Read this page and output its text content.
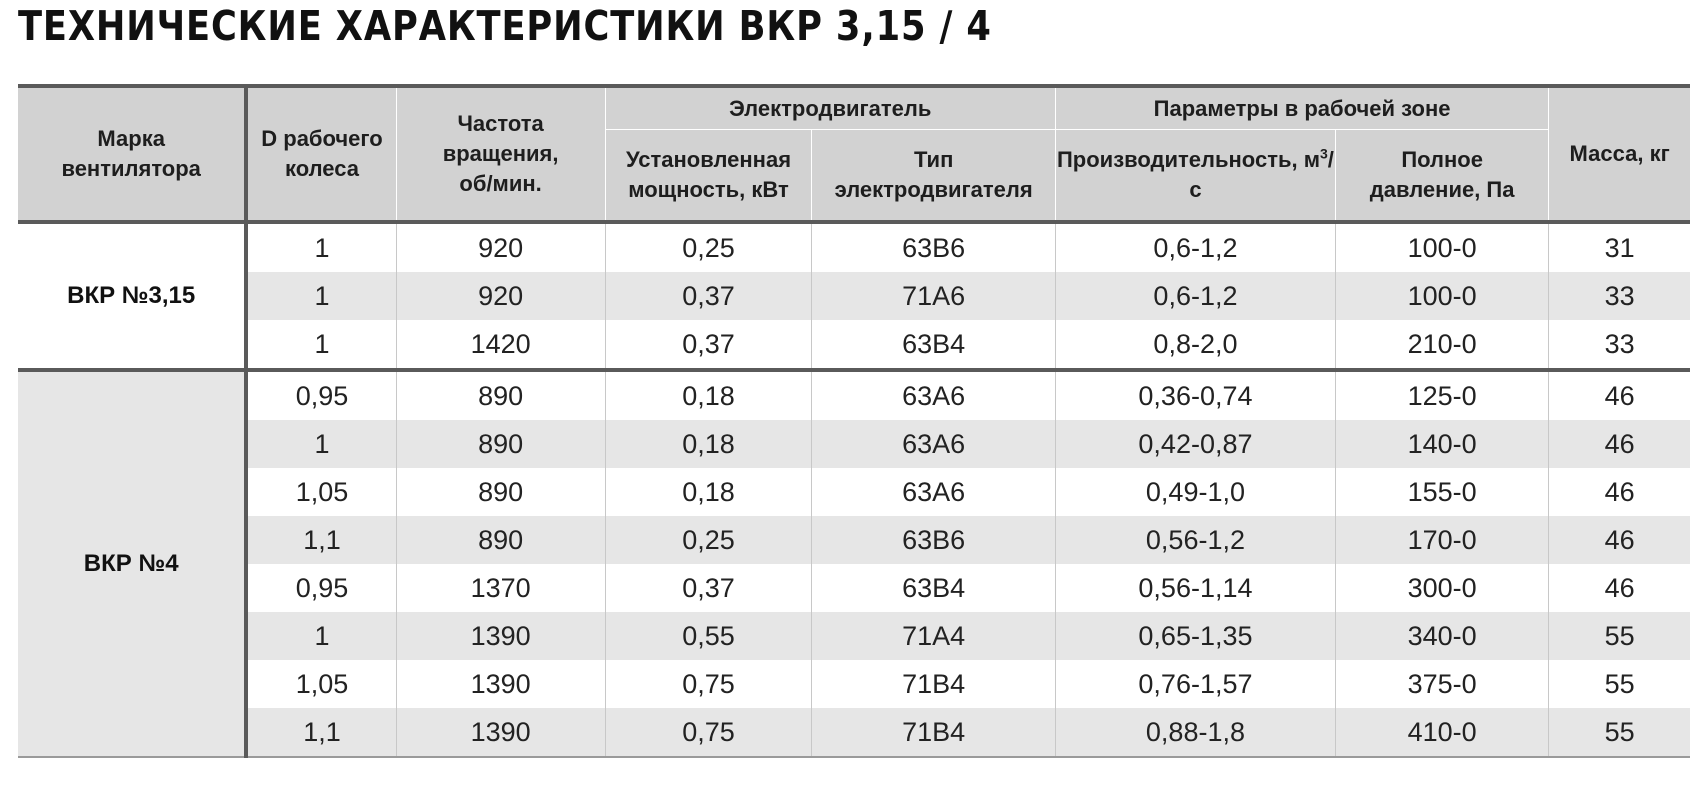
ТЕХНИЧЕСКИЕ ХАРАКТЕРИСТИКИ ВКР 3,15 / 4
Марка вентилятора	D рабочего колеса	Частота вращения, об/мин.	Электродвигатель		Параметры в рабочей зоне		Масса, кг
			Установленная мощность, кВт	Тип электродвигателя	Производительность, $м^3/с$	Полное давление, Па	
ВКР №3,15	1	920	0,25	63В6	0,6-1,2	100-0	31
	1	920	0,37	71А6	0,6-1,2	100-0	33
	1	1420	0,37	63В4	0,8-2,0	210-0	33
ВКР №4	0,95	890	0,18	63А6	0,36-0,74	125-0	46
	1	890	0,18	63А6	0,42-0,87	140-0	46
	1,05	890	0,18	63А6	0,49-1,0	155-0	46
	1,1	890	0,25	63В6	0,56-1,2	170-0	46
	0,95	1370	0,37	63В4	0,56-1,14	300-0	46
	1	1390	0,55	71А4	0,65-1,35	340-0	55
	1,05	1390	0,75	71В4	0,76-1,57	375-0	55
	1,1	1390	0,75	71В4	0,88-1,8	410-0	55
